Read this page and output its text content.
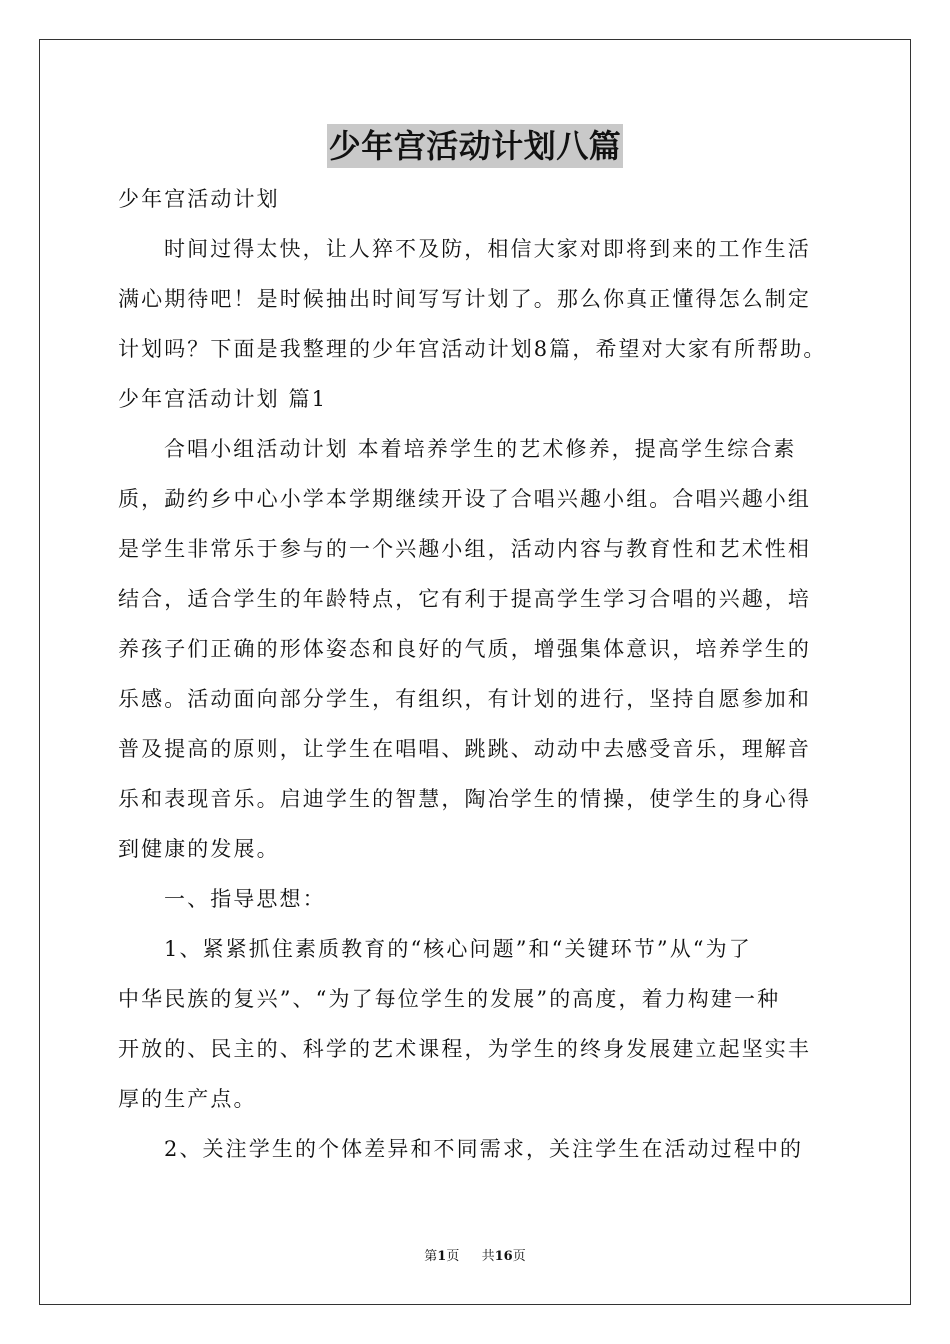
少年宫活动计划八篇
少年宫活动计划
时间过得太快，让人猝不及防，相信大家对即将到来的工作生活
满心期待吧！是时候抽出时间写写计划了。那么你真正懂得怎么制定
计划吗？下面是我整理的少年宫活动计划8篇，希望对大家有所帮助。
少年宫活动计划 篇1
合唱小组活动计划 本着培养学生的艺术修养，提高学生综合素
质，勐约乡中心小学本学期继续开设了合唱兴趣小组。合唱兴趣小组
是学生非常乐于参与的一个兴趣小组，活动内容与教育性和艺术性相
结合，适合学生的年龄特点，它有利于提高学生学习合唱的兴趣，培
养孩子们正确的形体姿态和良好的气质，增强集体意识，培养学生的
乐感。活动面向部分学生，有组织，有计划的进行，坚持自愿参加和
普及提高的原则，让学生在唱唱、跳跳、动动中去感受音乐，理解音
乐和表现音乐。启迪学生的智慧，陶冶学生的情操，使学生的身心得
到健康的发展。
一、指导思想：
1、紧紧抓住素质教育的“核心问题”和“关键环节”从“为了
中华民族的复兴”、“为了每位学生的发展”的高度，着力构建一种
开放的、民主的、科学的艺术课程，为学生的终身发展建立起坚实丰
厚的生产点。
2、关注学生的个体差异和不同需求，关注学生在活动过程中的
第1页 共16页
